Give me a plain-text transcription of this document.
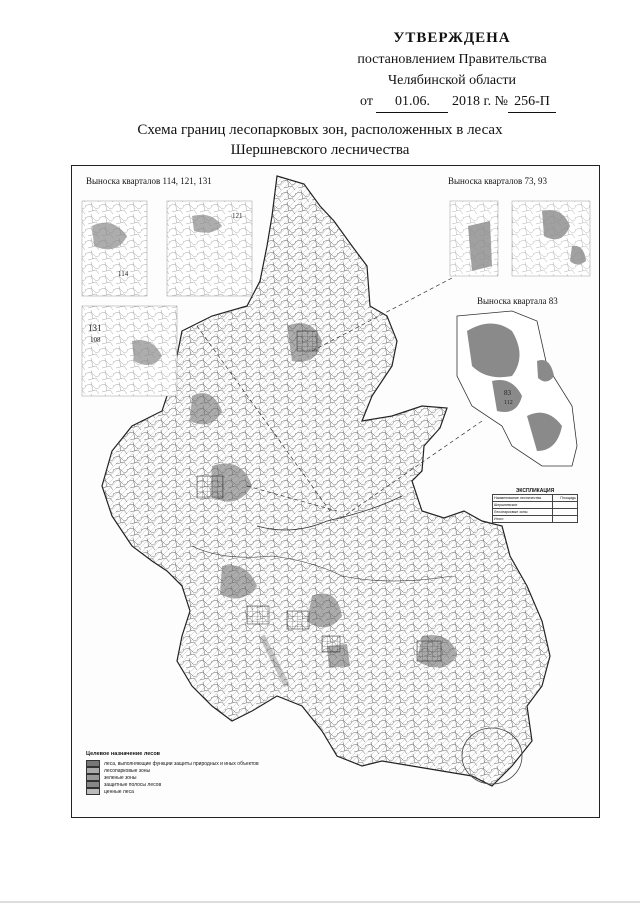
УТВЕРЖДЕНА
постановлением Правительства
Челябинской области
от 01.06. 2018 г. № 256-П
Схема границ лесопарковых зон, расположенных в лесах
Шершневского лесничества
114
121
131
108
83
112
Выноска кварталов 114, 121, 131	Выноска кварталов 73, 93
Выноска квартала 83
ЭКСПЛИКАЦИЯ
Наименование лесничества	Площадь
Шершневское	
Лесопарковые зоны	
Итого	
Целевое назначение лесов
леса, выполняющие функции защиты природных и иных объектов
лесопарковые зоны
зеленые зоны
защитные полосы лесов
ценные леса
